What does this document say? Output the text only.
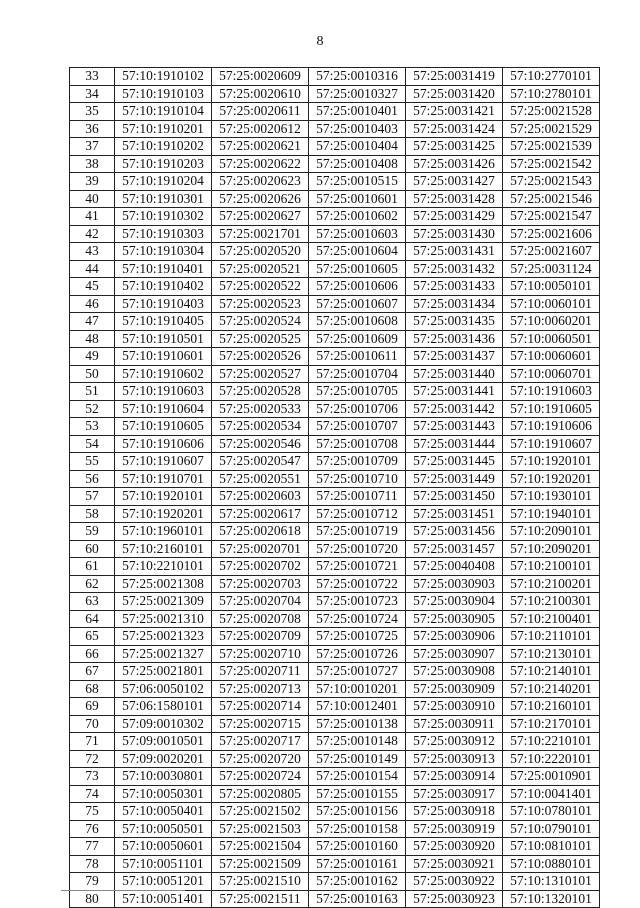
8
33	57:10:1910102	57:25:0020609	57:25:0010316	57:25:0031419	57:10:2770101
34	57:10:1910103	57:25:0020610	57:25:0010327	57:25:0031420	57:10:2780101
35	57:10:1910104	57:25:0020611	57:25:0010401	57:25:0031421	57:25:0021528
36	57:10:1910201	57:25:0020612	57:25:0010403	57:25:0031424	57:25:0021529
37	57:10:1910202	57:25:0020621	57:25:0010404	57:25:0031425	57:25:0021539
38	57:10:1910203	57:25:0020622	57:25:0010408	57:25:0031426	57:25:0021542
39	57:10:1910204	57:25:0020623	57:25:0010515	57:25:0031427	57:25:0021543
40	57:10:1910301	57:25:0020626	57:25:0010601	57:25:0031428	57:25:0021546
41	57:10:1910302	57:25:0020627	57:25:0010602	57:25:0031429	57:25:0021547
42	57:10:1910303	57:25:0021701	57:25:0010603	57:25:0031430	57:25:0021606
43	57:10:1910304	57:25:0020520	57:25:0010604	57:25:0031431	57:25:0021607
44	57:10:1910401	57:25:0020521	57:25:0010605	57:25:0031432	57:25:0031124
45	57:10:1910402	57:25:0020522	57:25:0010606	57:25:0031433	57:10:0050101
46	57:10:1910403	57:25:0020523	57:25:0010607	57:25:0031434	57:10:0060101
47	57:10:1910405	57:25:0020524	57:25:0010608	57:25:0031435	57:10:0060201
48	57:10:1910501	57:25:0020525	57:25:0010609	57:25:0031436	57:10:0060501
49	57:10:1910601	57:25:0020526	57:25:0010611	57:25:0031437	57:10:0060601
50	57:10:1910602	57:25:0020527	57:25:0010704	57:25:0031440	57:10:0060701
51	57:10:1910603	57:25:0020528	57:25:0010705	57:25:0031441	57:10:1910603
52	57:10:1910604	57:25:0020533	57:25:0010706	57:25:0031442	57:10:1910605
53	57:10:1910605	57:25:0020534	57:25:0010707	57:25:0031443	57:10:1910606
54	57:10:1910606	57:25:0020546	57:25:0010708	57:25:0031444	57:10:1910607
55	57:10:1910607	57:25:0020547	57:25:0010709	57:25:0031445	57:10:1920101
56	57:10:1910701	57:25:0020551	57:25:0010710	57:25:0031449	57:10:1920201
57	57:10:1920101	57:25:0020603	57:25:0010711	57:25:0031450	57:10:1930101
58	57:10:1920201	57:25:0020617	57:25:0010712	57:25:0031451	57:10:1940101
59	57:10:1960101	57:25:0020618	57:25:0010719	57:25:0031456	57:10:2090101
60	57:10:2160101	57:25:0020701	57:25:0010720	57:25:0031457	57:10:2090201
61	57:10:2210101	57:25:0020702	57:25:0010721	57:25:0040408	57:10:2100101
62	57:25:0021308	57:25:0020703	57:25:0010722	57:25:0030903	57:10:2100201
63	57:25:0021309	57:25:0020704	57:25:0010723	57:25:0030904	57:10:2100301
64	57:25:0021310	57:25:0020708	57:25:0010724	57:25:0030905	57:10:2100401
65	57:25:0021323	57:25:0020709	57:25:0010725	57:25:0030906	57:10:2110101
66	57:25:0021327	57:25:0020710	57:25:0010726	57:25:0030907	57:10:2130101
67	57:25:0021801	57:25:0020711	57:25:0010727	57:25:0030908	57:10:2140101
68	57:06:0050102	57:25:0020713	57:10:0010201	57:25:0030909	57:10:2140201
69	57:06:1580101	57:25:0020714	57:10:0012401	57:25:0030910	57:10:2160101
70	57:09:0010302	57:25:0020715	57:25:0010138	57:25:0030911	57:10:2170101
71	57:09:0010501	57:25:0020717	57:25:0010148	57:25:0030912	57:10:2210101
72	57:09:0020201	57:25:0020720	57:25:0010149	57:25:0030913	57:10:2220101
73	57:10:0030801	57:25:0020724	57:25:0010154	57:25:0030914	57:25:0010901
74	57:10:0050301	57:25:0020805	57:25:0010155	57:25:0030917	57:10:0041401
75	57:10:0050401	57:25:0021502	57:25:0010156	57:25:0030918	57:10:0780101
76	57:10:0050501	57:25:0021503	57:25:0010158	57:25:0030919	57:10:0790101
77	57:10:0050601	57:25:0021504	57:25:0010160	57:25:0030920	57:10:0810101
78	57:10:0051101	57:25:0021509	57:25:0010161	57:25:0030921	57:10:0880101
79	57:10:0051201	57:25:0021510	57:25:0010162	57:25:0030922	57:10:1310101
80	57:10:0051401	57:25:0021511	57:25:0010163	57:25:0030923	57:10:1320101
